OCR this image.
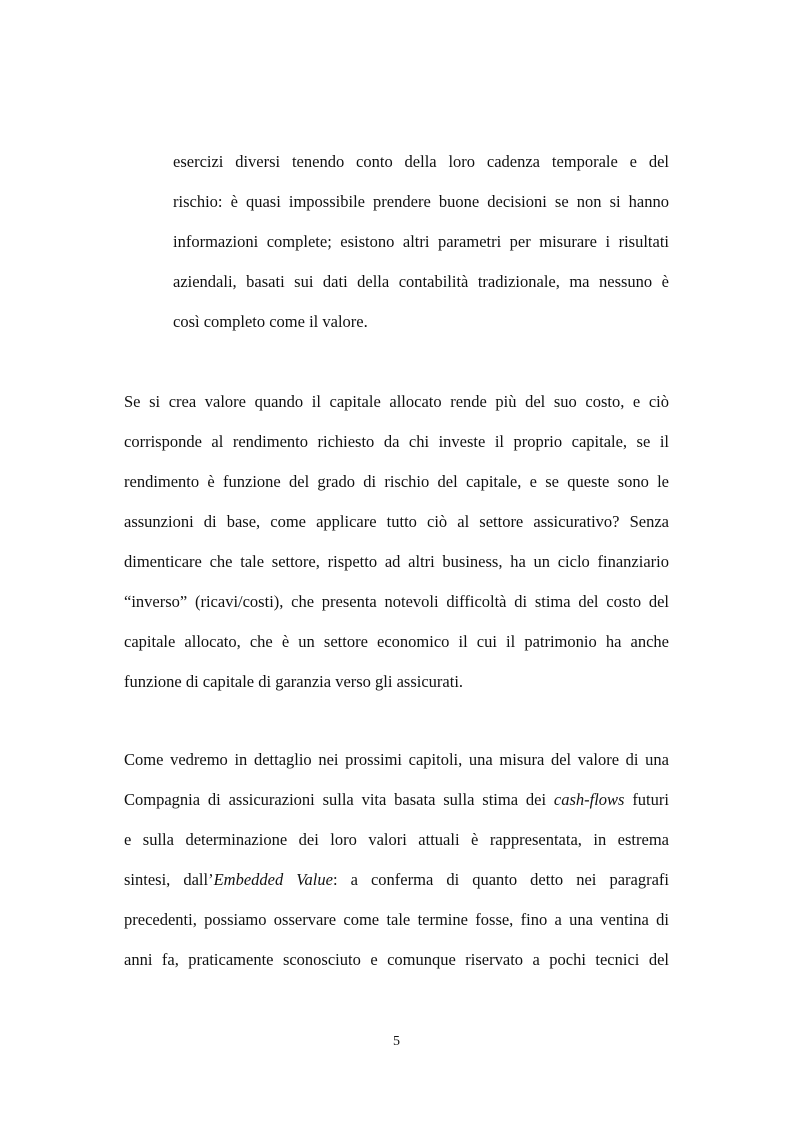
esercizi diversi tenendo conto della loro cadenza temporale e del
rischio: è quasi impossibile prendere buone decisioni se non si hanno
informazioni complete; esistono altri parametri per misurare i risultati
aziendali, basati sui dati della contabilità tradizionale, ma nessuno è
così completo come il valore.
Se si crea valore quando il capitale allocato rende più del suo costo, e ciò
corrisponde al rendimento richiesto da chi investe il proprio capitale, se il
rendimento è funzione del grado di rischio del capitale, e se queste sono le
assunzioni di base, come applicare tutto ciò al settore assicurativo? Senza
dimenticare che tale settore, rispetto ad altri business, ha un ciclo finanziario
“inverso” (ricavi/costi), che presenta notevoli difficoltà di stima del costo del
capitale allocato, che è un settore economico il cui il patrimonio ha anche
funzione di capitale di garanzia verso gli assicurati.
Come vedremo in dettaglio nei prossimi capitoli, una misura del valore di una
Compagnia di assicurazioni sulla vita basata sulla stima dei cash-flows futuri
e sulla determinazione dei loro valori attuali è rappresentata, in estrema
sintesi, dall’Embedded Value: a conferma di quanto detto nei paragrafi
precedenti, possiamo osservare come tale termine fosse, fino a una ventina di
anni fa, praticamente sconosciuto e comunque riservato a pochi tecnici del
5
